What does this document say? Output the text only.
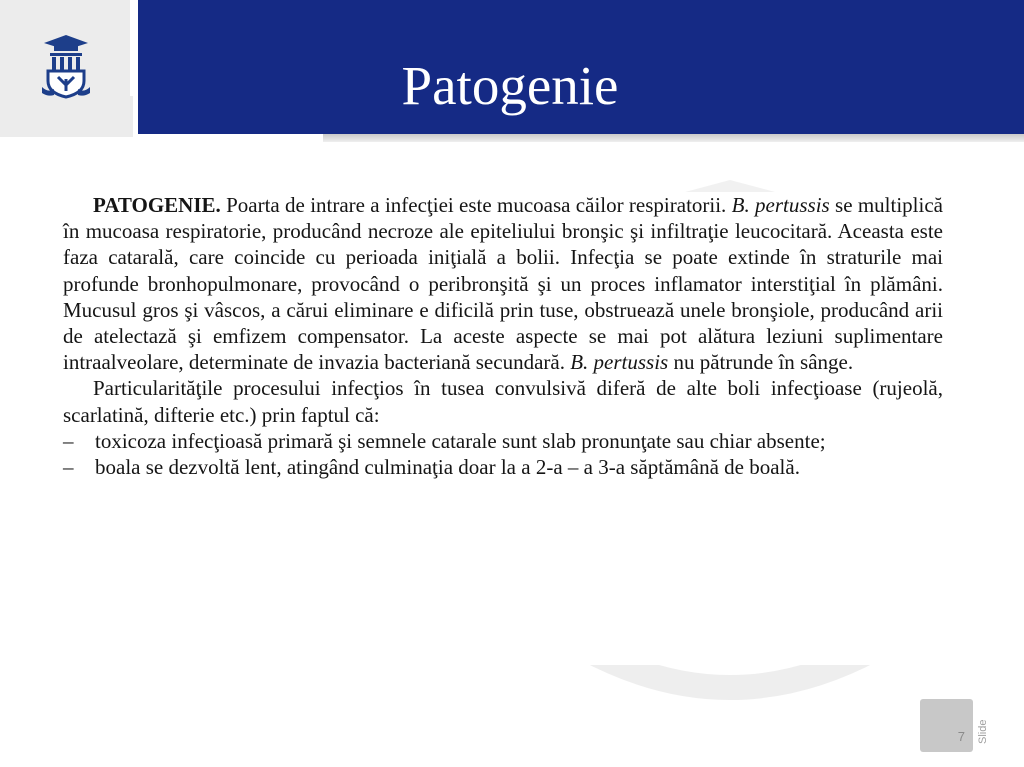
Patogenie

PATOGENIE. Poarta de intrare a infecţiei este mucoasa căilor respiratorii. B. pertussis se multiplică în mucoasa respiratorie, producând necroze ale epiteliului bronşic şi infiltraţie leucocitară. Aceasta este faza catarală, care coincide cu perioada iniţială a bolii. Infecţia se poate extinde în straturile mai profunde bronhopulmonare, provocând o peribronşită şi un proces inflamator interstiţial în plămâni. Mucusul gros şi vâscos, a cărui eliminare e dificilă prin tuse, obstruează unele bronşiole, producând arii de atelectază şi emfizem compensator. La aceste aspecte se mai pot alătura leziuni suplimentare intraalveolare, determinate de invazia bacteriană secundară. B. pertussis nu pătrunde în sânge.

Particularităţile procesului infecţios în tusea convulsivă diferă de alte boli infecţioase (rujeolă, scarlatină, difterie etc.) prin faptul că:

– toxicoza infecţioasă primară şi semnele catarale sunt slab pronunţate sau chiar absente;
– boala se dezvoltă lent, atingând culminaţia doar la a 2-a – a 3-a săptămână de boală.
7 Slide
